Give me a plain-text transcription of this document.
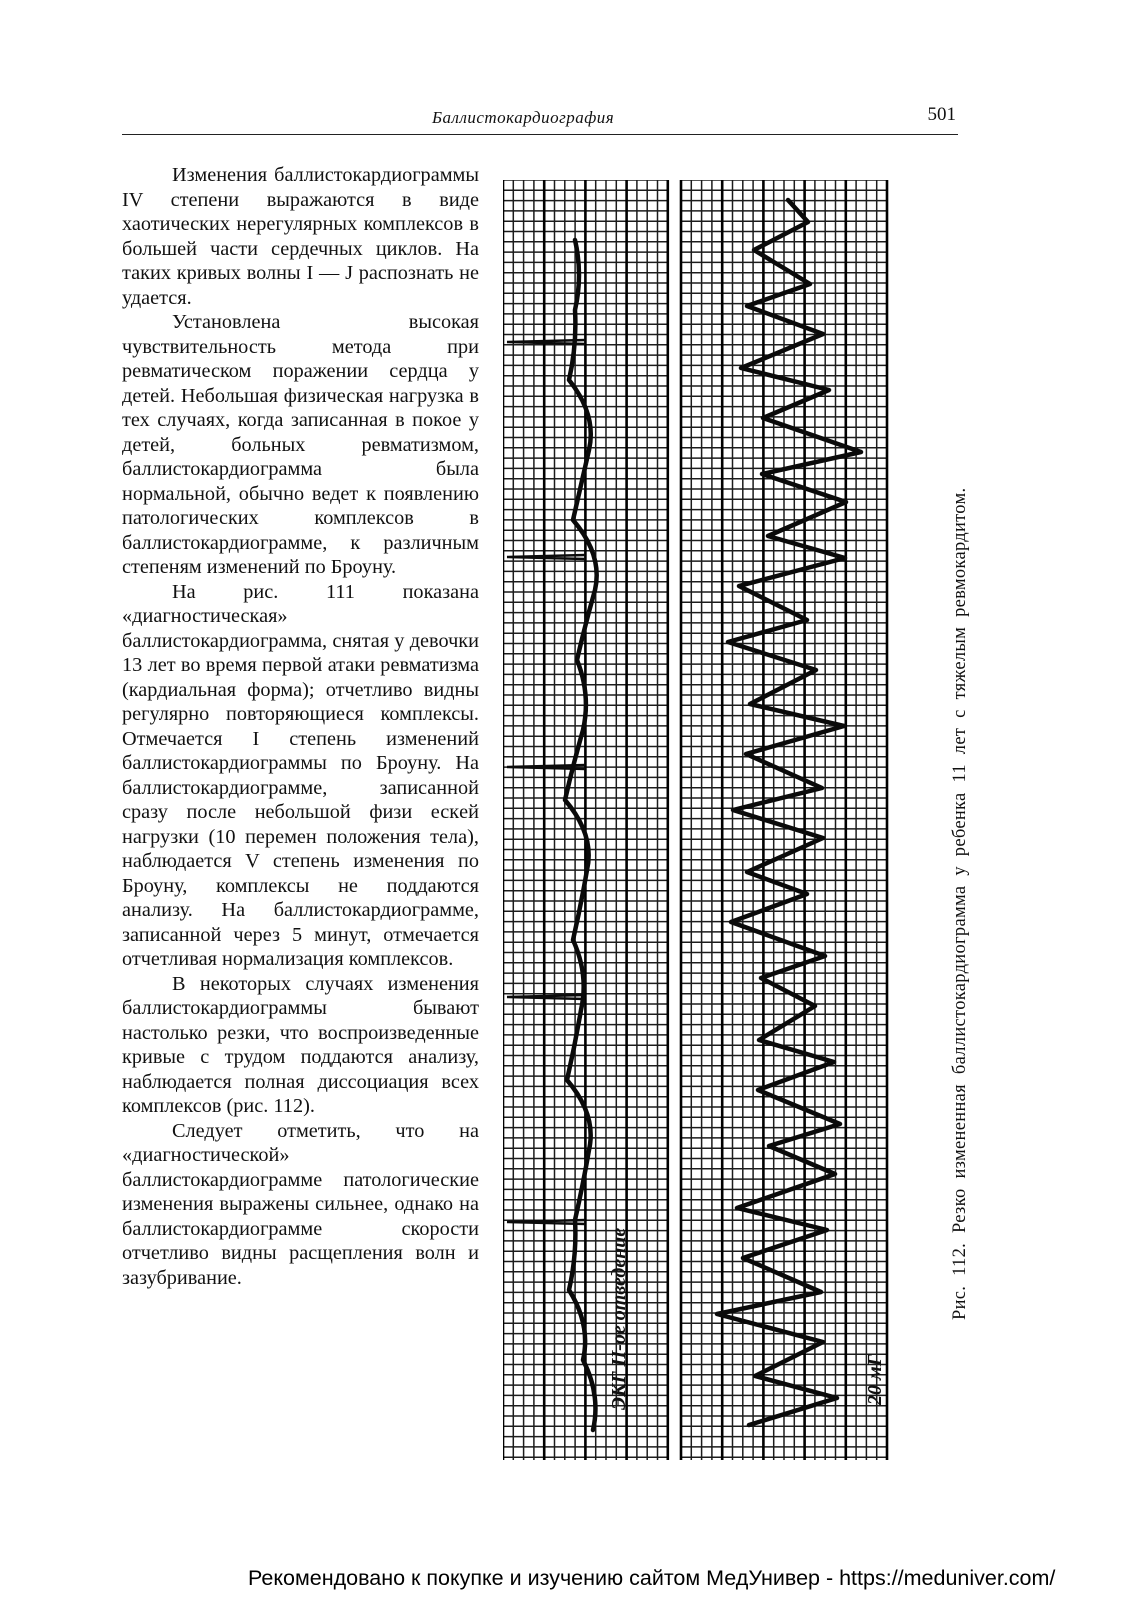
Баллистокардиография	501

Изменения баллистокардиограммы IV степени выражаются в виде хаотических нерегулярных комплексов в большей части сердечных циклов. На таких кривых волны I — J распознать не удается.

Установлена высокая чувствительность метода при ревматическом поражении сердца у детей. Небольшая физическая нагрузка в тех случаях, когда записанная в покое у детей, больных ревматизмом, баллистокардиограмма была нормальной, обычно ведет к появлению патологических комплексов в баллистокардиограмме, к различным степеням изменений по Броуну.

На рис. 111 показана «диагностическая» баллистокардиограмма, снятая у девочки 13 лет во время первой атаки ревматизма (кардиальная форма); отчетливо видны регулярно повторяющиеся комплексы. Отмечается I степень изменений баллистокардиограммы по Броуну. На баллистокардиограмме, записанной сразу после небольшой физи ескeй нагрузки (10 перемен положения тела), наблюдается V степень изменения по Броуну, комплексы не поддаются анализу. На баллистокардиограмме, записанной через 5 минут, отмечается отчетливая нормализация комплексов.

В некоторых случаях изменения баллистокардиограммы бывают настолько резки, что воспроизведенные кривые с трудом поддаются анализу, наблюдается полная диссоциация всех комплексов (рис. 112).

Следует отметить, что на «диагностической» баллистокардиограмме патологические изменения выражены сильнее, однако на баллистокардиограмме скорости отчетливо видны расщепления волн и зазубривание.	ЭКГ II-ое отведение	20 мГ
Рис. 112. Резко измененная баллистокардиограмма у ребенка 11 лет с тяжелым ревмокардитом.
Рекомендовано к покупке и изучению сайтом МедУнивер - https://meduniver.com/
